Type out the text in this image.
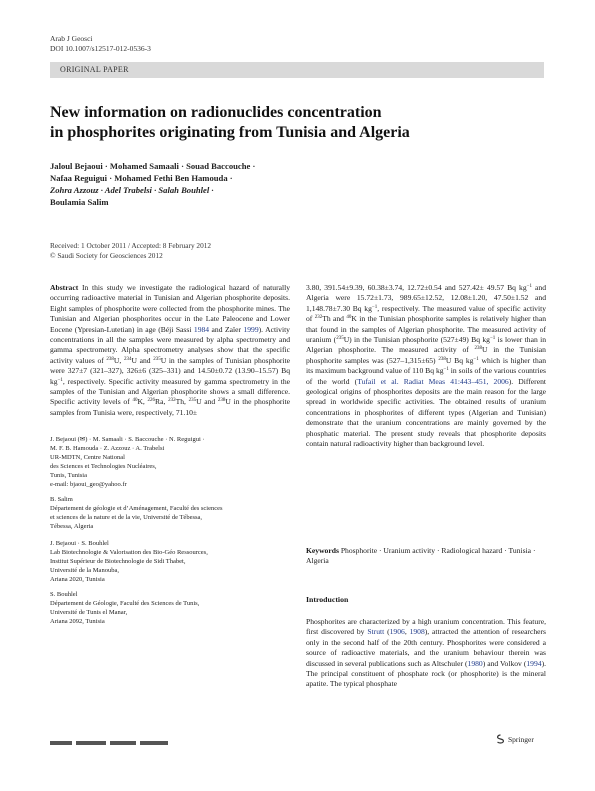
Arab J Geosci
DOI 10.1007/s12517-012-0536-3
ORIGINAL PAPER
New information on radionuclides concentration
in phosphorites originating from Tunisia and Algeria
Jaloul Bejaoui · Mohamed Samaali · Souad Baccouche ·
Nafaa Reguigui · Mohamed Fethi Ben Hamouda ·
Zohra Azzouz · Adel Trabelsi · Salah Bouhlel ·
Boulamia Salim
Received: 1 October 2011 / Accepted: 8 February 2012
© Saudi Society for Geosciences 2012

Abstract In this study we investigate the radiological hazard of naturally occurring radioactive material in Tunisian and Algerian phosphorite deposits. Eight samples of phosphorite were collected from the phosphorite mines. The Tunisian and Algerian phosphorites occur in the Late Paleocene and Lower Eocene (Ypresian-Lutetian) in age (Béji Sassi 1984 and Zaïer 1999). Activity concentrations in all the samples were measured by alpha spectrometry and gamma spectrometry. Alpha spectrometry analyses show that the specific activity values of $^{238}$U, $^{234}$U and $^{235}$U in the samples of Tunisian phosphorite were 327±7 (321–327), 326±6 (325–331) and 14.50±0.72 (13.90–15.57) Bq $kg^{-1}$, respectively. Specific activity measured by gamma spectrometry in the samples of the Tunisian and Algerian phosphorite shows a small difference. Specific activity levels of $^{40}$K, $^{226}$Ra, $^{232}$Th, $^{235}$U and $^{238}$U in the phosphorite samples from Tunisia were, respectively, 71.10±

J. Bejaoui (✉) · M. Samaali · S. Baccouche · N. Reguigui ·
M. F. B. Hamouda · Z. Azzouz · A. Trabelsi
UR-MDTN, Centre National
des Sciences et Technologies Nucléaires,
Tunis, Tunisia
e-mail: bjaoui_geo@yahoo.fr
B. Salim
Département de géologie et d’Aménagement, Faculté des sciences
et sciences de la nature et de la vie, Université de Tébessa,
Tébessa, Algeria
J. Bejaoui · S. Bouhlel
Lab Biotechnologie & Valorisation des Bio-Géo Ressources,
Institut Supérieur de Biotechnologie de Sidi Thabet,
Université de la Manouba,
Ariana 2020, Tunisia
S. Bouhlel
Département de Géologie, Faculté des Sciences de Tunis,
Université de Tunis el Manar,
Ariana 2092, Tunisia

3.80, 391.54±9.39, 60.38±3.74, 12.72±0.54 and 527.42± 49.57 Bq $kg^{-1}$ and Algeria were 15.72±1.73, 989.65±12.52, 12.08±1.20, 47.50±1.52 and 1,148.78±7.30 Bq $kg^{-1}$, respectively. The measured value of specific activity of $^{232}$Th and $^{40}$K in the Tunisian phosphorite samples is relatively higher than that found in the samples of Algerian phosphorite. The measured activity of uranium ($^{235}$U) in the Tunisian phosphorite (527±49) Bq $kg^{-1}$ is lower than in Algerian phosphorite. The measured activity of $^{238}$U in the Tunisian phosphorite samples was (527–1,315±65) $^{238}$U Bq $kg^{-1}$ which is higher than its maximum background value of 110 Bq $kg^{-1}$ in soils of the various countries of the world (Tufail et al. Radiat Meas 41:443–451, 2006). Different geological origins of phosphorites deposits are the main reason for the large spread in worldwide specific activities. The obtained results of uranium concentrations in phosphorites of different types (Algerian and Tunisian) demonstrate that the uranium concentrations are mainly governed by the phosphatic material. The present study reveals that phosphorite deposits contain natural radioactivity higher than background level.

Keywords Phosphorite · Uranium activity · Radiological hazard · Tunisia · Algeria
Introduction

Phosphorites are characterized by a high uranium concentration. This feature, first discovered by Strutt (1906, 1908), attracted the attention of researchers only in the second half of the 20th century. Phosphorites were considered a source of radioactive materials, and the uranium behaviour therein was discussed in several publications such as Altschuler (1980) and Volkov (1994). The principal constituent of phosphate rock (or phosphorite) is the mineral apatite. The typical phosphate

Springer
